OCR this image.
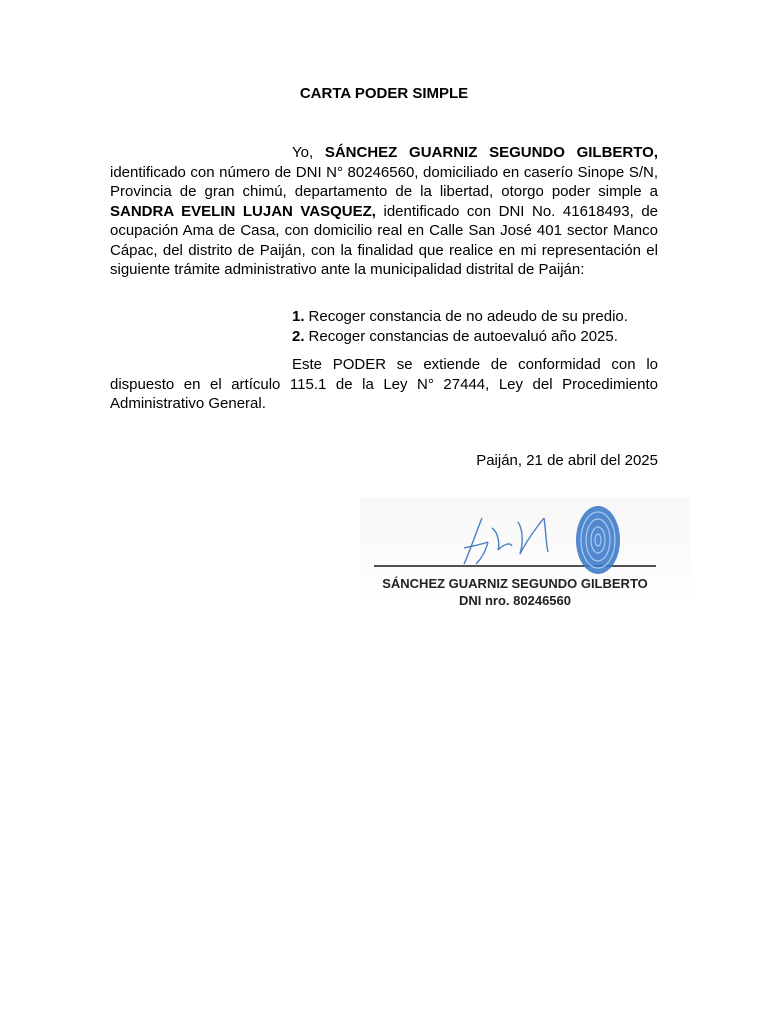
CARTA PODER SIMPLE
Yo, SÁNCHEZ GUARNIZ SEGUNDO GILBERTO, identificado con número de DNI N° 80246560, domiciliado en caserío Sinope S/N, Provincia de gran chimú, departamento de la libertad, otorgo poder simple a SANDRA EVELIN LUJAN VASQUEZ, identificado con DNI No. 41618493, de ocupación Ama de Casa, con domicilio real en Calle San José 401 sector Manco Cápac, del distrito de Paiján, con la finalidad que realice en mi representación el siguiente trámite administrativo ante la municipalidad distrital de Paiján:
1. Recoger constancia de no adeudo de su predio.
2. Recoger constancias de autoevaluó año 2025.
Este PODER se extiende de conformidad con lo dispuesto en el artículo 115.1 de la Ley N° 27444, Ley del Procedimiento Administrativo General.
Paiján, 21 de abril del 2025
SÁNCHEZ GUARNIZ SEGUNDO GILBERTO
DNI nro. 80246560
